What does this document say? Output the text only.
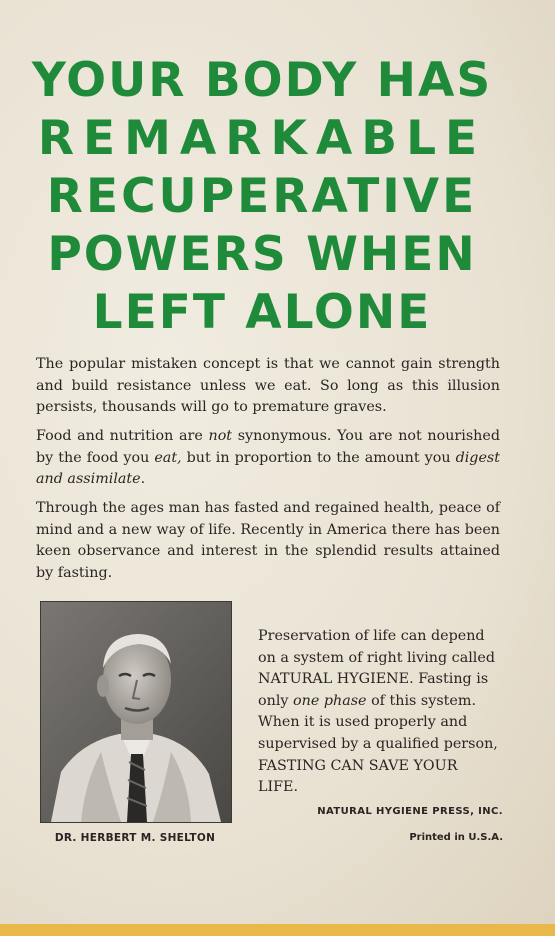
YOUR BODY HAS
REMARKABLE
RECUPERATIVE
POWERS WHEN
LEFT ALONE

The popular mistaken concept is that we cannot gain strength and build resistance unless we eat. So long as this illusion persists, thousands will go to premature graves.

Food and nutrition are not synonymous. You are not nourished by the food you eat, but in proportion to the amount you digest and assimilate.

Through the ages man has fasted and regained health, peace of mind and a new way of life. Recently in America there has been keen observance and interest in the splendid results attained by fasting.

DR. HERBERT M. SHELTON

Preservation of life can depend on a system of right living called NATURAL HYGIENE. Fasting is only one phase of this system. When it is used properly and supervised by a qualified person, FASTING CAN SAVE YOUR LIFE.

NATURAL HYGIENE PRESS, INC.
Printed in U.S.A.
